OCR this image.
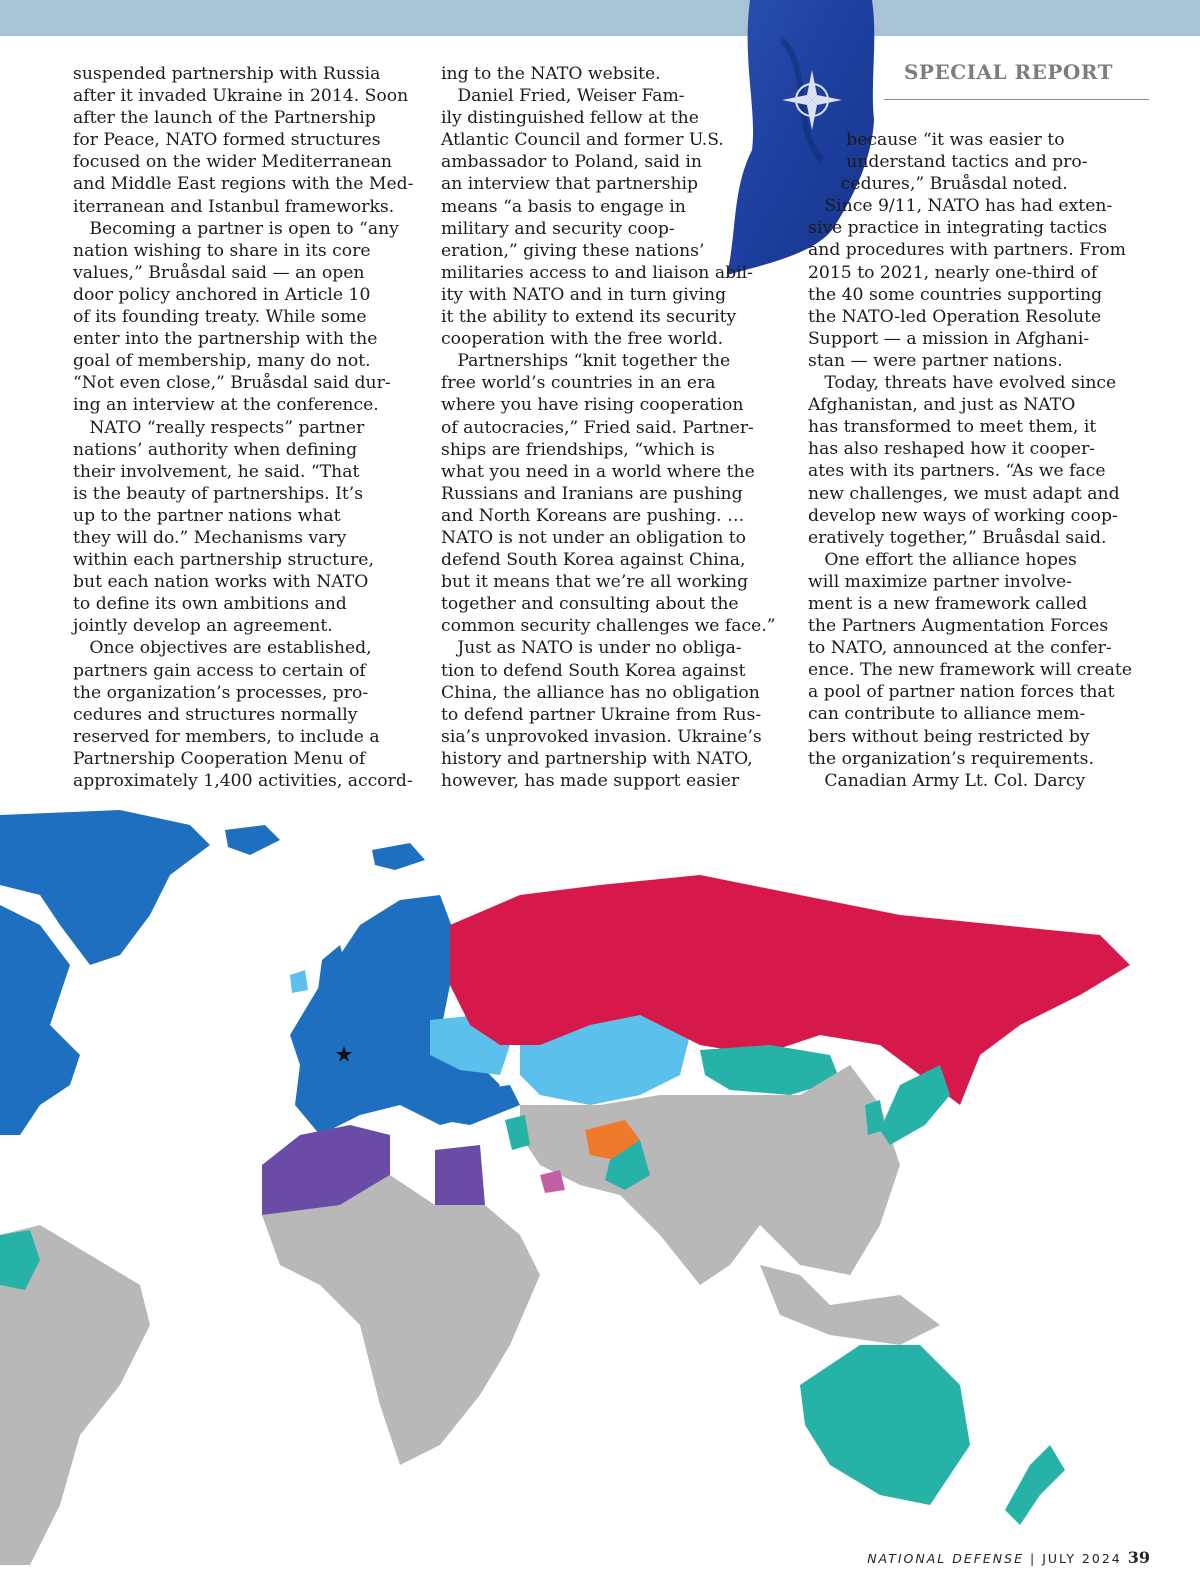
SPECIAL REPORT

suspended partnership with Russia

after it invaded Ukraine in 2014. Soon

after the launch of the Partnership

for Peace, NATO formed structures

focused on the wider Mediterranean

and Middle East regions with the Med-

iterranean and Istanbul frameworks.

Becoming a partner is open to “any

nation wishing to share in its core

values,” Bruåsdal said — an open

door policy anchored in Article 10

of its founding treaty. While some

enter into the partnership with the

goal of membership, many do not.

“Not even close,” Bruåsdal said dur-

ing an interview at the conference.

NATO “really respects” partner

nations’ authority when defining

their involvement, he said. “That

is the beauty of partnerships. It’s

up to the partner nations what

they will do.” Mechanisms vary

within each partnership structure,

but each nation works with NATO

to define its own ambitions and

jointly develop an agreement.

Once objectives are established,

partners gain access to certain of

the organization’s processes, pro-

cedures and structures normally

reserved for members, to include a

Partnership Cooperation Menu of

approximately 1,400 activities, accord-

ing to the NATO website.

Daniel Fried, Weiser Fam-

ily distinguished fellow at the

Atlantic Council and former U.S.

ambassador to Poland, said in

an interview that partnership

means “a basis to engage in

military and security coop-

eration,” giving these nations’

militaries access to and liaison abil-

ity with NATO and in turn giving

it the ability to extend its security

cooperation with the free world.

Partnerships “knit together the

free world’s countries in an era

where you have rising cooperation

of autocracies,” Fried said. Partner-

ships are friendships, “which is

what you need in a world where the

Russians and Iranians are pushing

and North Koreans are pushing. …

NATO is not under an obligation to

defend South Korea against China,

but it means that we’re all working

together and consulting about the

common security challenges we face.”

Just as NATO is under no obliga-

tion to defend South Korea against

China, the alliance has no obligation

to defend partner Ukraine from Rus-

sia’s unprovoked invasion. Ukraine’s

history and partnership with NATO,

however, has made support easier

because “it was easier to

understand tactics and pro-

cedures,” Bruåsdal noted.

Since 9/11, NATO has had exten-

sive practice in integrating tactics

and procedures with partners. From

2015 to 2021, nearly one-third of

the 40 some countries supporting

the NATO-led Operation Resolute

Support — a mission in Afghani-

stan — were partner nations.

Today, threats have evolved since

Afghanistan, and just as NATO

has transformed to meet them, it

has also reshaped how it cooper-

ates with its partners. “As we face

new challenges, we must adapt and

develop new ways of working coop-

eratively together,” Bruåsdal said.

One effort the alliance hopes

will maximize partner involve-

ment is a new framework called

the Partners Augmentation Forces

to NATO, announced at the confer-

ence. The new framework will create

a pool of partner nation forces that

can contribute to alliance mem-

bers without being restricted by

the organization’s requirements.

Canadian Army Lt. Col. Darcy

NATIONAL DEFENSE | JULY 2024 39
